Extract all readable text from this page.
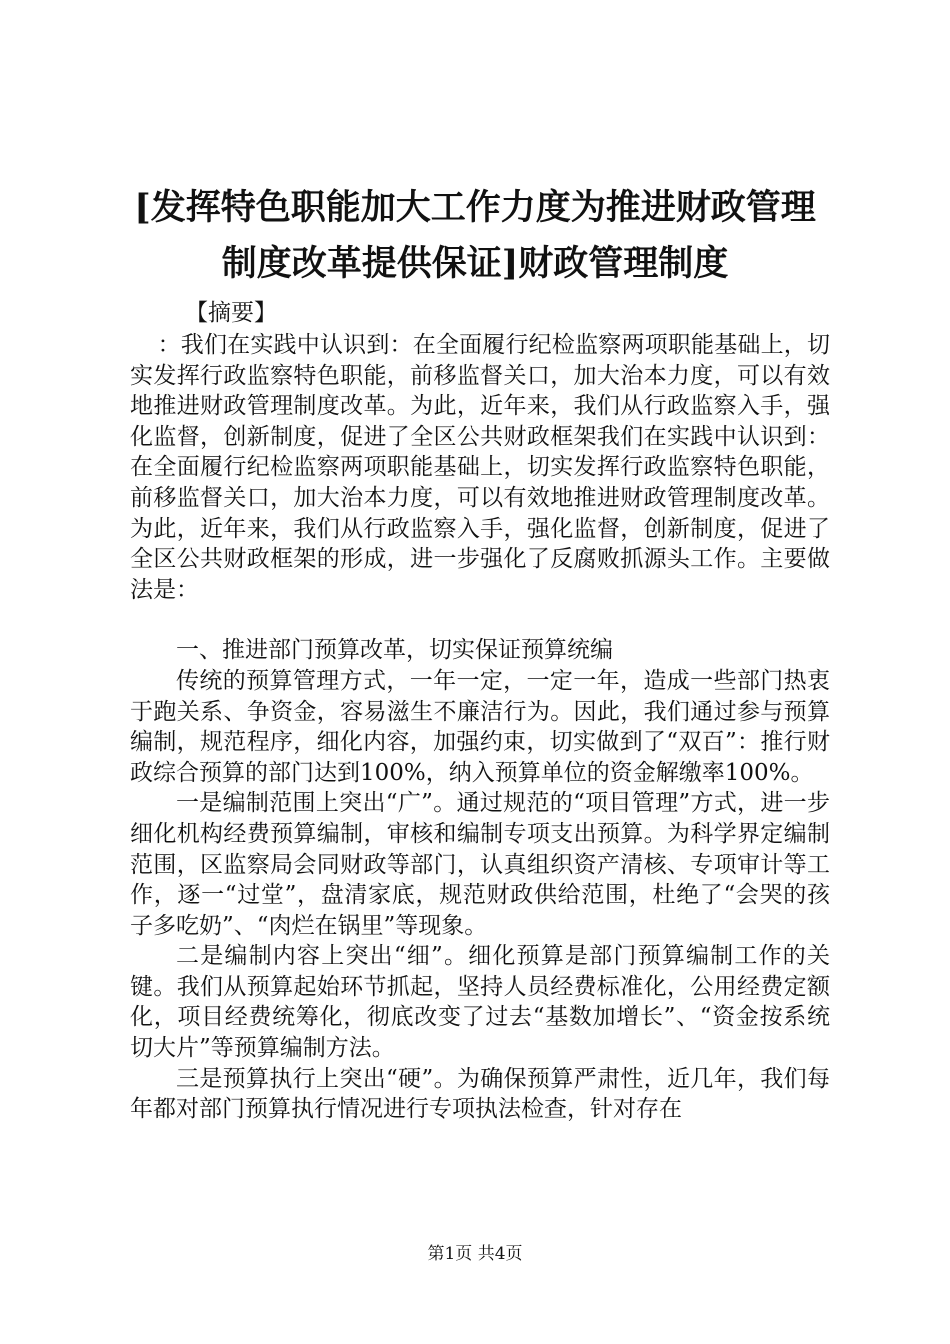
[发挥特色职能加大工作力度为推进财政管理制度改革提供保证]财政管理制度
【摘要】

：我们在实践中认识到：在全面履行纪检监察两项职能基础上，切实发挥行政监察特色职能，前移监督关口，加大治本力度，可以有效地推进财政管理制度改革。为此，近年来，我们从行政监察入手，强化监督，创新制度，促进了全区公共财政框架我们在实践中认识到：在全面履行纪检监察两项职能基础上，切实发挥行政监察特色职能，前移监督关口，加大治本力度，可以有效地推进财政管理制度改革。为此，近年来，我们从行政监察入手，强化监督，创新制度，促进了全区公共财政框架的形成，进一步强化了反腐败抓源头工作。主要做法是：

一、推进部门预算改革，切实保证预算统编

传统的预算管理方式，一年一定，一定一年，造成一些部门热衷于跑关系、争资金，容易滋生不廉洁行为。因此，我们通过参与预算编制，规范程序，细化内容，加强约束，切实做到了“双百”：推行财政综合预算的部门达到100%，纳入预算单位的资金解缴率100%。

一是编制范围上突出“广”。通过规范的“项目管理”方式，进一步细化机构经费预算编制，审核和编制专项支出预算。为科学界定编制范围，区监察局会同财政等部门，认真组织资产清核、专项审计等工作，逐一“过堂”，盘清家底，规范财政供给范围，杜绝了“会哭的孩子多吃奶”、“肉烂在锅里”等现象。

二是编制内容上突出“细”。细化预算是部门预算编制工作的关键。我们从预算起始环节抓起，坚持人员经费标准化，公用经费定额化，项目经费统筹化，彻底改变了过去“基数加增长”、“资金按系统切大片”等预算编制方法。

三是预算执行上突出“硬”。为确保预算严肃性，近几年，我们每年都对部门预算执行情况进行专项执法检查，针对存在

第1页 共4页
